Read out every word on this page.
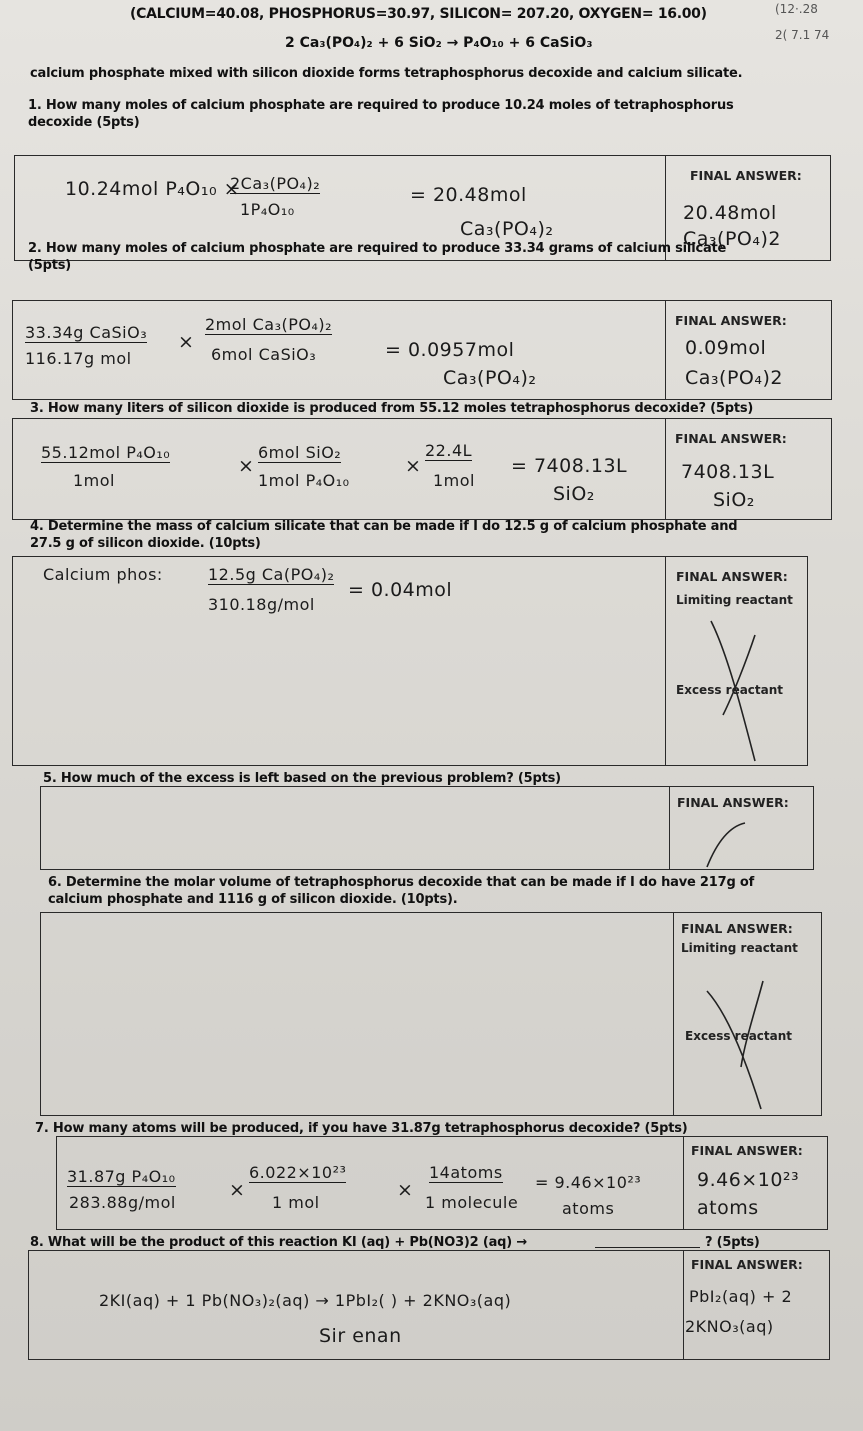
(CALCIUM=40.08, PHOSPHORUS=30.97, SILICON= 207.20, OXYGEN= 16.00)	(12·.28
2( 7.1 74
2 Ca₃(PO₄)₂ + 6 SiO₂ → P₄O₁₀ + 6 CaSiO₃
calcium phosphate mixed with silicon dioxide forms tetraphosphorus decoxide and calcium silicate.
1. How many moles of calcium phosphate are required to produce 10.24 moles of tetraphosphorus
decoxide (5pts)
FINAL ANSWER:
10.24mol P₄O₁₀ ×
2Ca₃(PO₄)₂
1P₄O₁₀
= 20.48mol
Ca₃(PO₄)₂
20.48mol
Ca₃(PO₄)2
2. How many moles of calcium phosphate are required to produce 33.34 grams of calcium silicate
(5pts)
FINAL ANSWER:
33.34g CaSiO₃
116.17g mol
×
2mol Ca₃(PO₄)₂
6mol CaSiO₃	= 0.0957mol
Ca₃(PO₄)₂
0.09mol
Ca₃(PO₄)2
3. How many liters of silicon dioxide is produced from 55.12 moles tetraphosphorus decoxide? (5pts)
FINAL ANSWER:
55.12mol P₄O₁₀
1mol
×
6mol SiO₂
1mol P₄O₁₀
×
22.4L
1mol
= 7408.13L
SiO₂
7408.13L
SiO₂
4. Determine the mass of calcium silicate that can be made if I do 12.5 g of calcium phosphate and
27.5 g of silicon dioxide. (10pts)
FINAL ANSWER:
Limiting reactant
Excess reactant
Calcium phos:	12.5g Ca(PO₄)₂
310.18g/mol
= 0.04mol
5. How much of the excess is left based on the previous problem? (5pts)
FINAL ANSWER:
6. Determine the molar volume of tetraphosphorus decoxide that can be made if I do have 217g of
calcium phosphate and 1116 g of silicon dioxide. (10pts).
FINAL ANSWER:
Limiting reactant
Excess reactant
7. How many atoms will be produced, if you have 31.87g tetraphosphorus decoxide? (5pts)
FINAL ANSWER:
31.87g P₄O₁₀
283.88g/mol
×
6.022×10²³
1 mol
×
14atoms
1 molecule
= 9.46×10²³
atoms
9.46×10²³
atoms
8. What will be the product of this reaction KI (aq) + Pb(NO3)2 (aq) →	? (5pts)
FINAL ANSWER:
2KI(aq) + 1 Pb(NO₃)₂(aq) → 1PbI₂( ) + 2KNO₃(aq)
Sir enan
PbI₂(aq) + 2
2KNO₃(aq)
